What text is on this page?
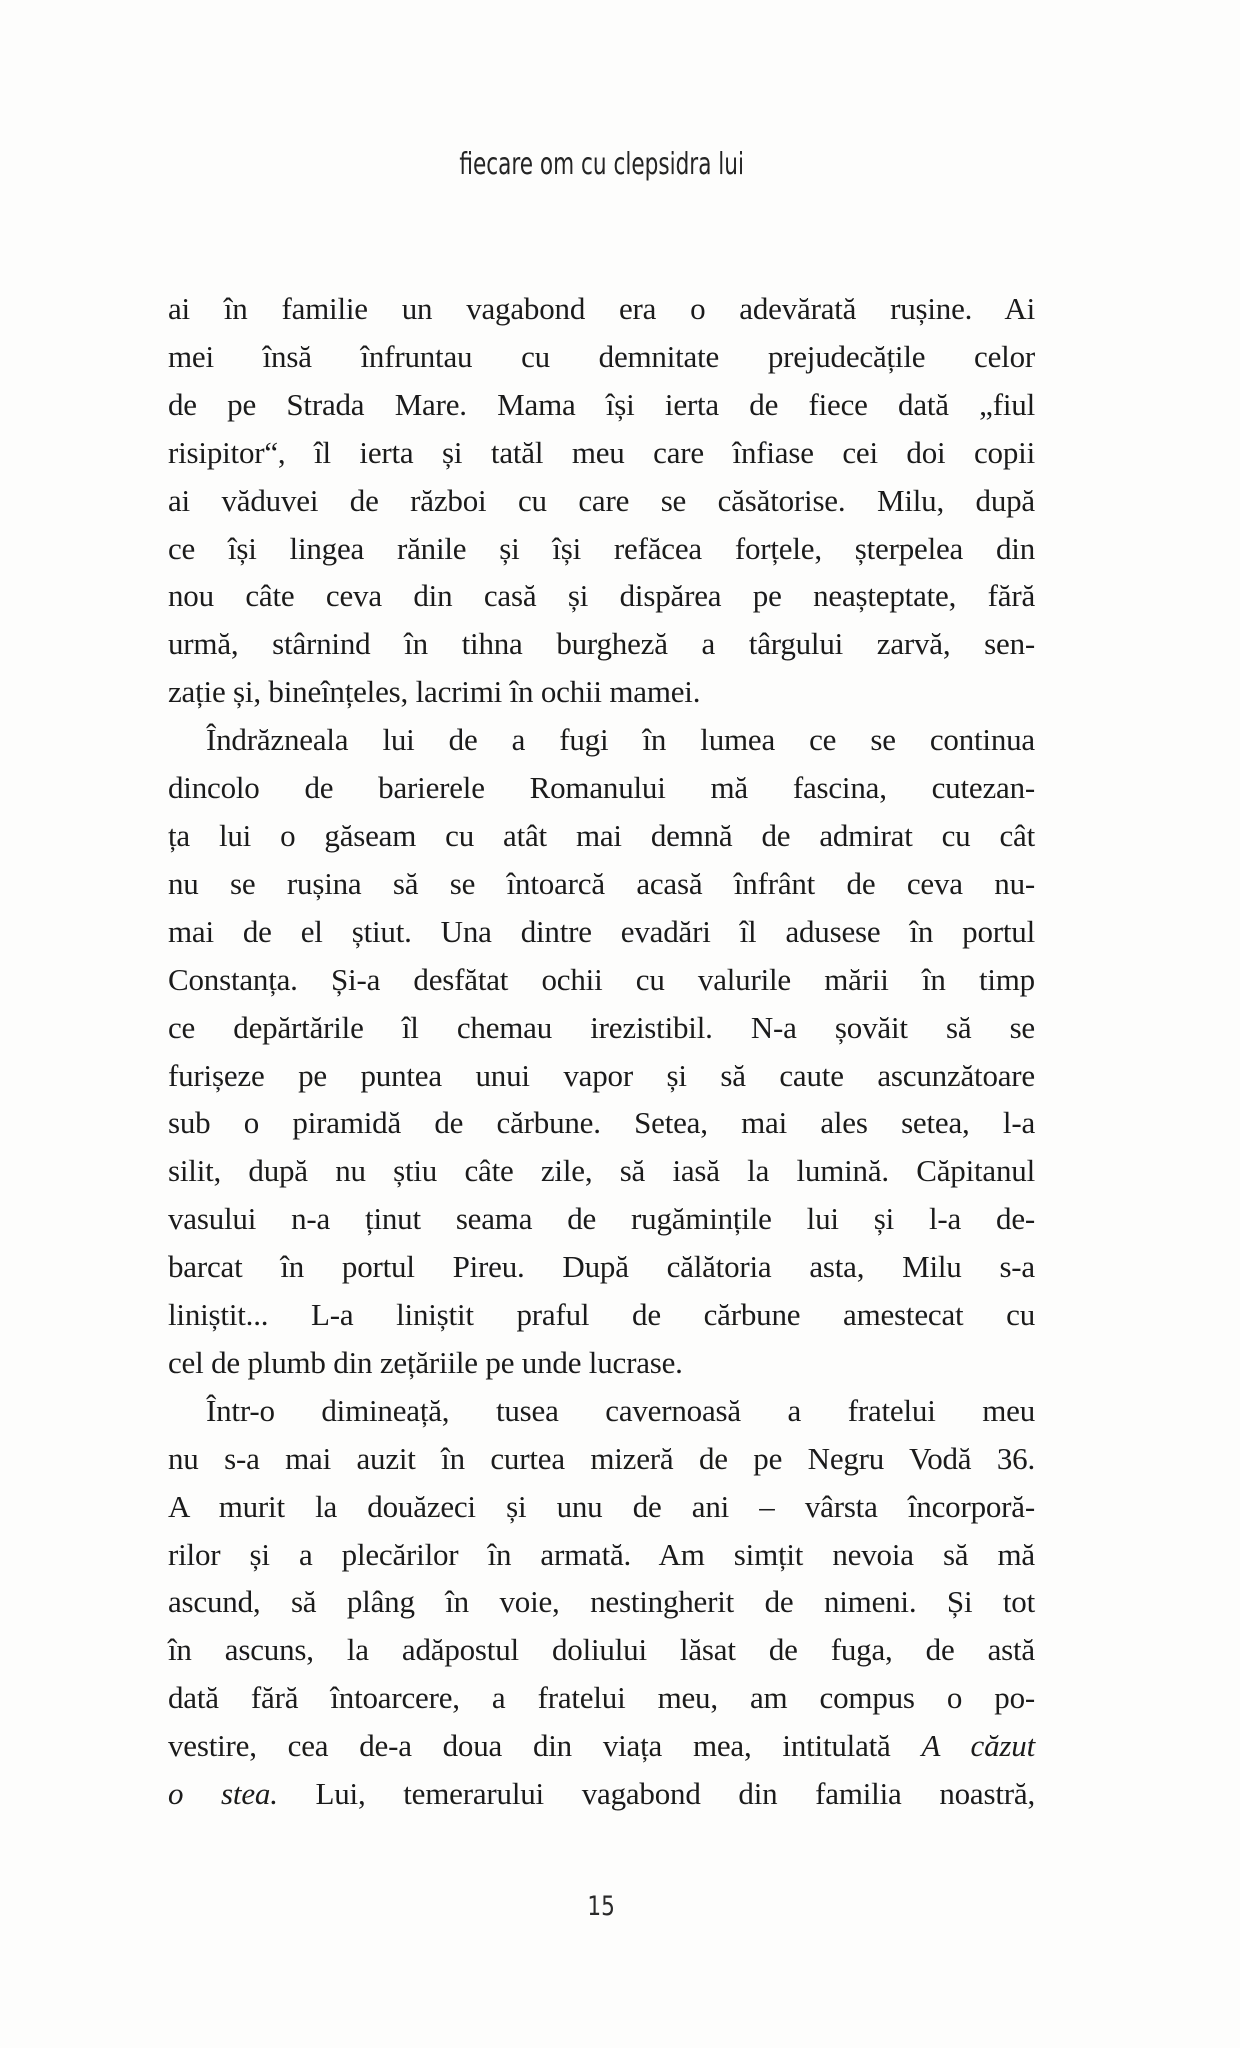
fiecare om cu clepsidra lui
ai în familie un vagabond era o adevărată rușine. Ai
mei însă înfruntau cu demnitate prejudecățile celor
de pe Strada Mare. Mama își ierta de fiece dată „fiul
risipitor“, îl ierta și tatăl meu care înfiase cei doi copii
ai văduvei de război cu care se căsătorise. Milu, după
ce își lingea rănile și își refăcea forțele, șterpelea din
nou câte ceva din casă și dispărea pe neașteptate, fără
urmă, stârnind în tihna burgheză a târgului zarvă, sen-
zație și, bineînțeles, lacrimi în ochii mamei.
Îndrăzneala lui de a fugi în lumea ce se continua
dincolo de barierele Romanului mă fascina, cutezan-
ța lui o găseam cu atât mai demnă de admirat cu cât
nu se rușina să se întoarcă acasă înfrânt de ceva nu-
mai de el știut. Una dintre evadări îl adusese în portul
Constanța. Și-a desfătat ochii cu valurile mării în timp
ce depărtările îl chemau irezistibil. N-a șovăit să se
furișeze pe puntea unui vapor și să caute ascunzătoare
sub o piramidă de cărbune. Setea, mai ales setea, l-a
silit, după nu știu câte zile, să iasă la lumină. Căpitanul
vasului n-a ținut seama de rugămințile lui și l-a de-
barcat în portul Pireu. După călătoria asta, Milu s-a
liniștit... L-a liniștit praful de cărbune amestecat cu
cel de plumb din zețăriile pe unde lucrase.
Într-o dimineață, tusea cavernoasă a fratelui meu
nu s-a mai auzit în curtea mizeră de pe Negru Vodă 36.
A murit la douăzeci și unu de ani – vârsta încorporă-
rilor și a plecărilor în armată. Am simțit nevoia să mă
ascund, să plâng în voie, nestingherit de nimeni. Și tot
în ascuns, la adăpostul doliului lăsat de fuga, de astă
dată fără întoarcere, a fratelui meu, am compus o po-
vestire, cea de-a doua din viața mea, intitulată A căzut
o stea. Lui, temerarului vagabond din familia noastră,
15
